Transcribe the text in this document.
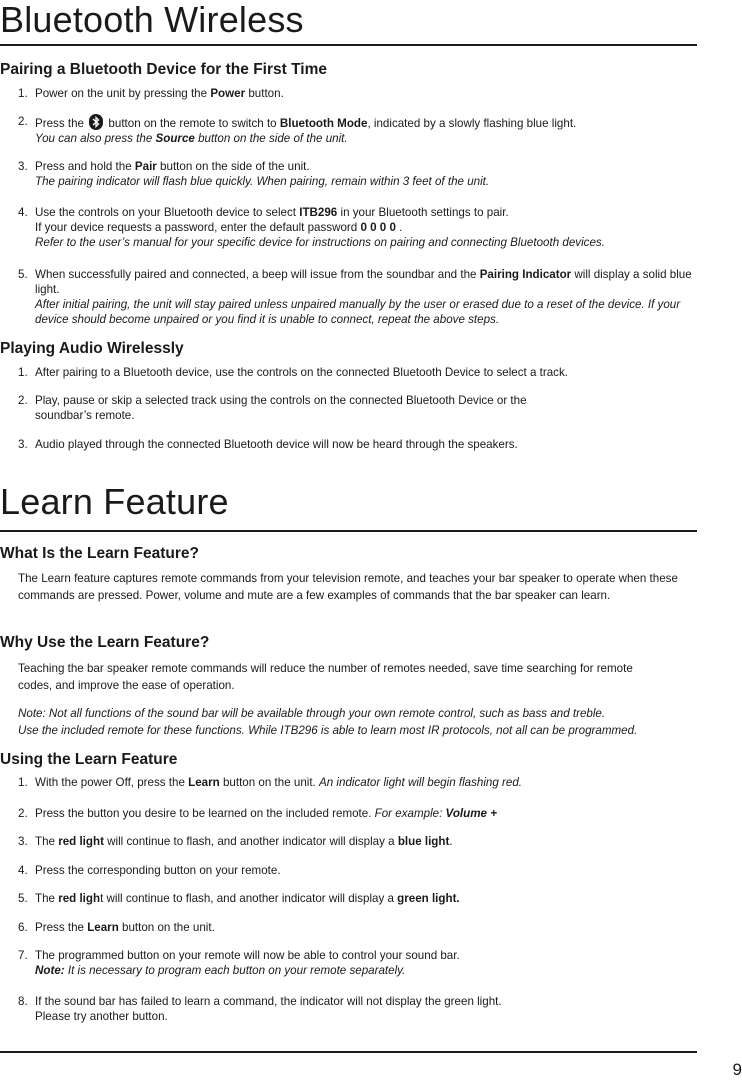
Bluetooth Wireless
Pairing a Bluetooth Device for the First Time
1. Power on the unit by pressing the Power button.
2. Press the
button on the remote to switch to Bluetooth Mode, indicated by a slowly flashing blue light.
You can also press the Source button on the side of the unit.
3. Press and hold the Pair button on the side of the unit.
The pairing indicator will flash blue quickly. When pairing, remain within 3 feet of the unit.
4. Use the controls on your Bluetooth device to select ITB296 in your Bluetooth settings to pair.
If your device requests a password, enter the default password 0 0 0 0 .
Refer to the user’s manual for your specific device for instructions on pairing and connecting Bluetooth devices.
5. When successfully paired and connected, a beep will issue from the soundbar and the Pairing Indicator will display a solid blue light.
After initial pairing, the unit will stay paired unless unpaired manually by the user or erased due to a reset of the device. If your device should become unpaired or you find it is unable to connect, repeat the above steps.
Playing Audio Wirelessly
1. After pairing to a Bluetooth device, use the controls on the connected Bluetooth Device to select a track.
2. Play, pause or skip a selected track using the controls on the connected Bluetooth Device or the
soundbar’s remote.
3. Audio played through the connected Bluetooth device will now be heard through the speakers.
Learn Feature
What Is the Learn Feature?
The Learn feature captures remote commands from your television remote, and teaches your bar speaker to operate when these commands are pressed. Power, volume and mute are a few examples of commands that the bar speaker can learn.
Why Use the Learn Feature?
Teaching the bar speaker remote commands will reduce the number of remotes needed, save time searching for remote codes, and improve the ease of operation.
Note: Not all functions of the sound bar will be available through your own remote control, such as bass and treble.
Use the included remote for these functions. While ITB296 is able to learn most IR protocols, not all can be programmed.
Using the Learn Feature
1. With the power Off, press the Learn button on the unit. An indicator light will begin flashing red.
2. Press the button you desire to be learned on the included remote. For example: Volume +
3. The red light will continue to flash, and another indicator will display a blue light.
4. Press the corresponding button on your remote.
5. The red light will continue to flash, and another indicator will display a green light.
6. Press the Learn button on the unit.
7. The programmed button on your remote will now be able to control your sound bar.
Note: It is necessary to program each button on your remote separately.
8. If the sound bar has failed to learn a command, the indicator will not display the green light.
Please try another button.
9
